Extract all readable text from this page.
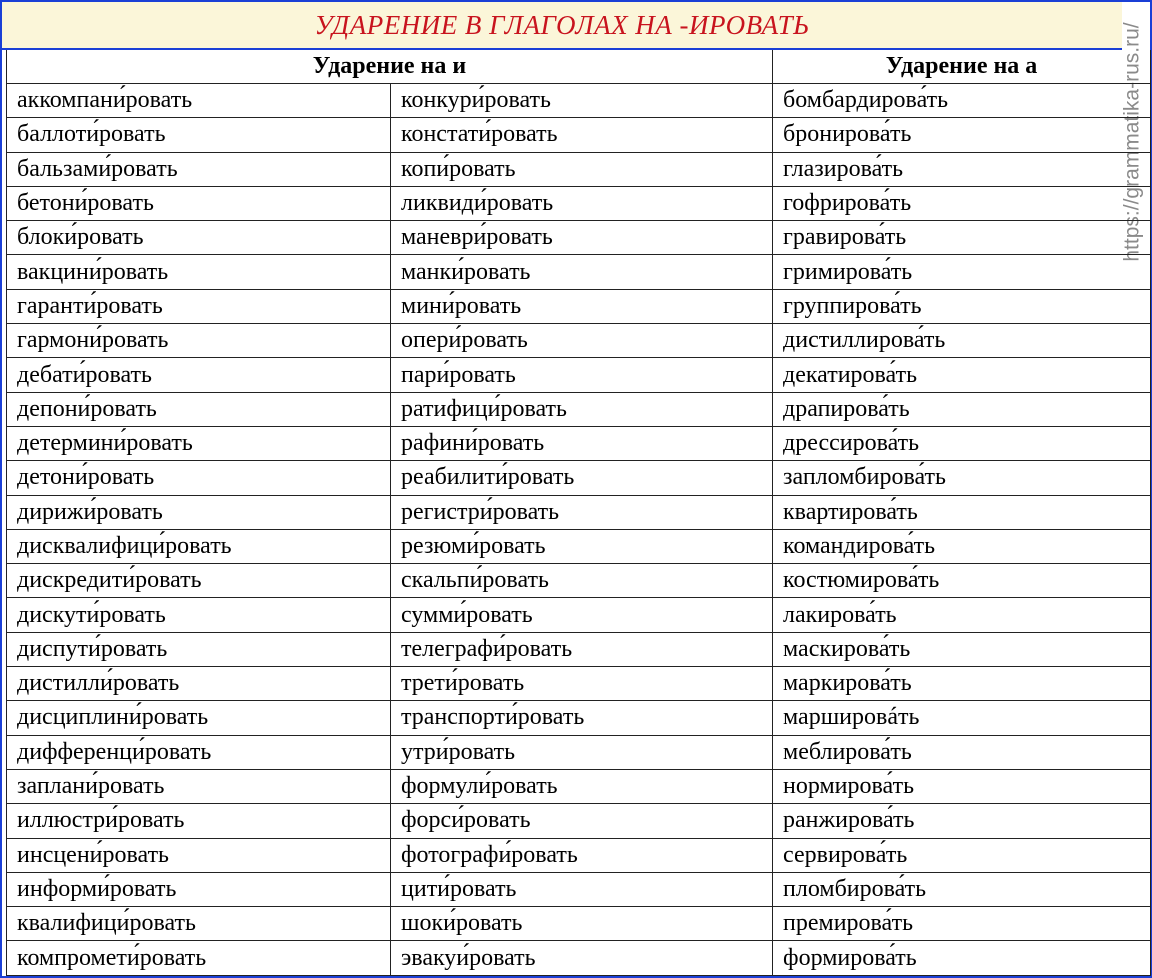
УДАРЕНИЕ В ГЛАГОЛАХ НА -ИРОВАТЬ	https://grammatika-rus.ru/
Ударение на и		Ударение на а
аккомпани́ровать	конкури́ровать	бомбардирова́ть
баллоти́ровать	констати́ровать	бронирова́ть
бальзами́ровать	копи́ровать	глазирова́ть
бетони́ровать	ликвиди́ровать	гофрирова́ть
блоки́ровать	маневри́ровать	гравирова́ть
вакцини́ровать	манки́ровать	гримирова́ть
гаранти́ровать	мини́ровать	группирова́ть
гармони́ровать	опери́ровать	дистиллирова́ть
дебати́ровать	пари́ровать	декатирова́ть
депони́ровать	ратифици́ровать	драпирова́ть
детермини́ровать	рафини́ровать	дрессирова́ть
детони́ровать	реабилити́ровать	запломбирова́ть
дирижи́ровать	регистри́ровать	квартирова́ть
дисквалифици́ровать	резюми́ровать	командирова́ть
дискредити́ровать	скальпи́ровать	костюмирова́ть
дискути́ровать	сумми́ровать	лакирова́ть
диспути́ровать	телеграфи́ровать	маскирова́ть
дистилли́ровать	трети́ровать	маркирова́ть
дисциплини́ровать	транспорти́ровать	маршировáть
дифференци́ровать	утри́ровать	меблирова́ть
заплани́ровать	формули́ровать	нормирова́ть
иллюстри́ровать	форси́ровать	ранжирова́ть
инсцени́ровать	фотографи́ровать	сервирова́ть
информи́ровать	цити́ровать	пломбирова́ть
квалифици́ровать	шоки́ровать	премирова́ть
компромети́ровать	эвакуи́ровать	формирова́ть
